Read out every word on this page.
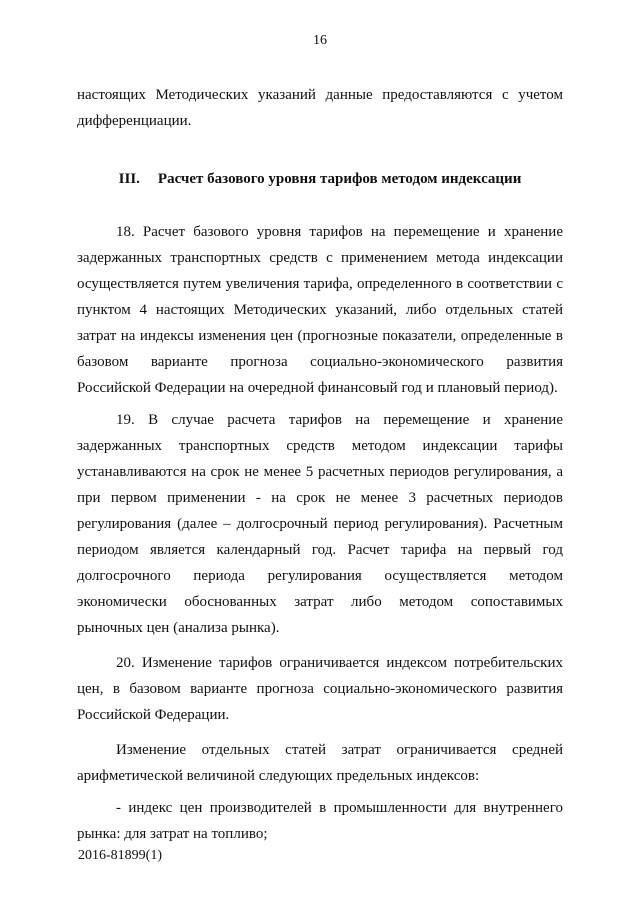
16

настоящих Методических указаний данные предоставляются с учетом дифференциации.

III. Расчет базового уровня тарифов методом индексации

18. Расчет базового уровня тарифов на перемещение и хранение задержанных транспортных средств с применением метода индексации осуществляется путем увеличения тарифа, определенного в соответствии с пунктом 4 настоящих Методических указаний, либо отдельных статей затрат на индексы изменения цен (прогнозные показатели, определенные в базовом варианте прогноза социально-экономического развития Российской Федерации на очередной финансовый год и плановый период).

19. В случае расчета тарифов на перемещение и хранение задержанных транспортных средств методом индексации тарифы устанавливаются на срок не менее 5 расчетных периодов регулирования, а при первом применении - на срок не менее 3 расчетных периодов регулирования (далее – долгосрочный период регулирования). Расчетным периодом является календарный год. Расчет тарифа на первый год долгосрочного периода регулирования осуществляется методом экономически обоснованных затрат либо методом сопоставимых рыночных цен (анализа рынка).

20. Изменение тарифов ограничивается индексом потребительских цен, в базовом варианте прогноза социально-экономического развития Российской Федерации.

Изменение отдельных статей затрат ограничивается средней арифметической величиной следующих предельных индексов:

- индекс цен производителей в промышленности для внутреннего рынка: для затрат на топливо;

2016-81899(1)
